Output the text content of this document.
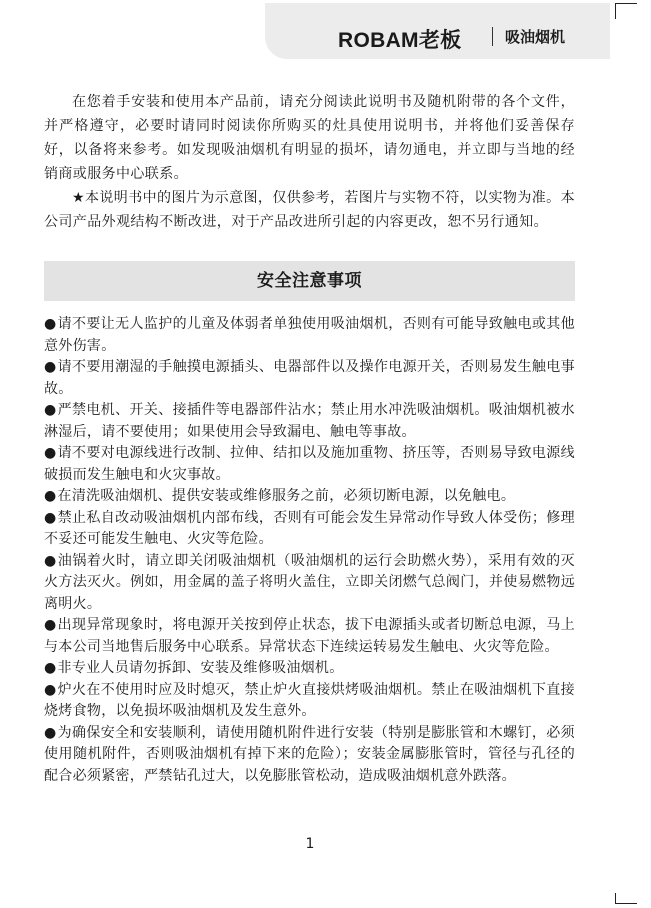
ROBAM老板	吸油烟机

在您着手安装和使用本产品前，请充分阅读此说明书及随机附带的各个文件，并严格遵守，必要时请同时阅读你所购买的灶具使用说明书，并将他们妥善保存好，以备将来参考。如发现吸油烟机有明显的损坏，请勿通电，并立即与当地的经销商或服务中心联系。

★本说明书中的图片为示意图，仅供参考，若图片与实物不符，以实物为准。本公司产品外观结构不断改进，对于产品改进所引起的内容更改，恕不另行通知。

安全注意事项

●请不要让无人监护的儿童及体弱者单独使用吸油烟机，否则有可能导致触电或其他意外伤害。

●请不要用潮湿的手触摸电源插头、电器部件以及操作电源开关，否则易发生触电事故。

●严禁电机、开关、接插件等电器部件沾水；禁止用水冲洗吸油烟机。吸油烟机被水淋湿后，请不要使用；如果使用会导致漏电、触电等事故。

●请不要对电源线进行改制、拉伸、结扣以及施加重物、挤压等，否则易导致电源线破损而发生触电和火灾事故。

●在清洗吸油烟机、提供安装或维修服务之前，必须切断电源，以免触电。

●禁止私自改动吸油烟机内部布线，否则有可能会发生异常动作导致人体受伤；修理不妥还可能发生触电、火灾等危险。

●油锅着火时，请立即关闭吸油烟机（吸油烟机的运行会助燃火势），采用有效的灭火方法灭火。例如，用金属的盖子将明火盖住，立即关闭燃气总阀门，并使易燃物远离明火。

●出现异常现象时，将电源开关按到停止状态，拔下电源插头或者切断总电源，马上与本公司当地售后服务中心联系。异常状态下连续运转易发生触电、火灾等危险。

●非专业人员请勿拆卸、安装及维修吸油烟机。

●炉火在不使用时应及时熄灭，禁止炉火直接烘烤吸油烟机。禁止在吸油烟机下直接烧烤食物，以免损坏吸油烟机及发生意外。

●为确保安全和安装顺利，请使用随机附件进行安装（特别是膨胀管和木螺钉，必须使用随机附件，否则吸油烟机有掉下来的危险）；安装金属膨胀管时，管径与孔径的配合必须紧密，严禁钻孔过大，以免膨胀管松动，造成吸油烟机意外跌落。

1
